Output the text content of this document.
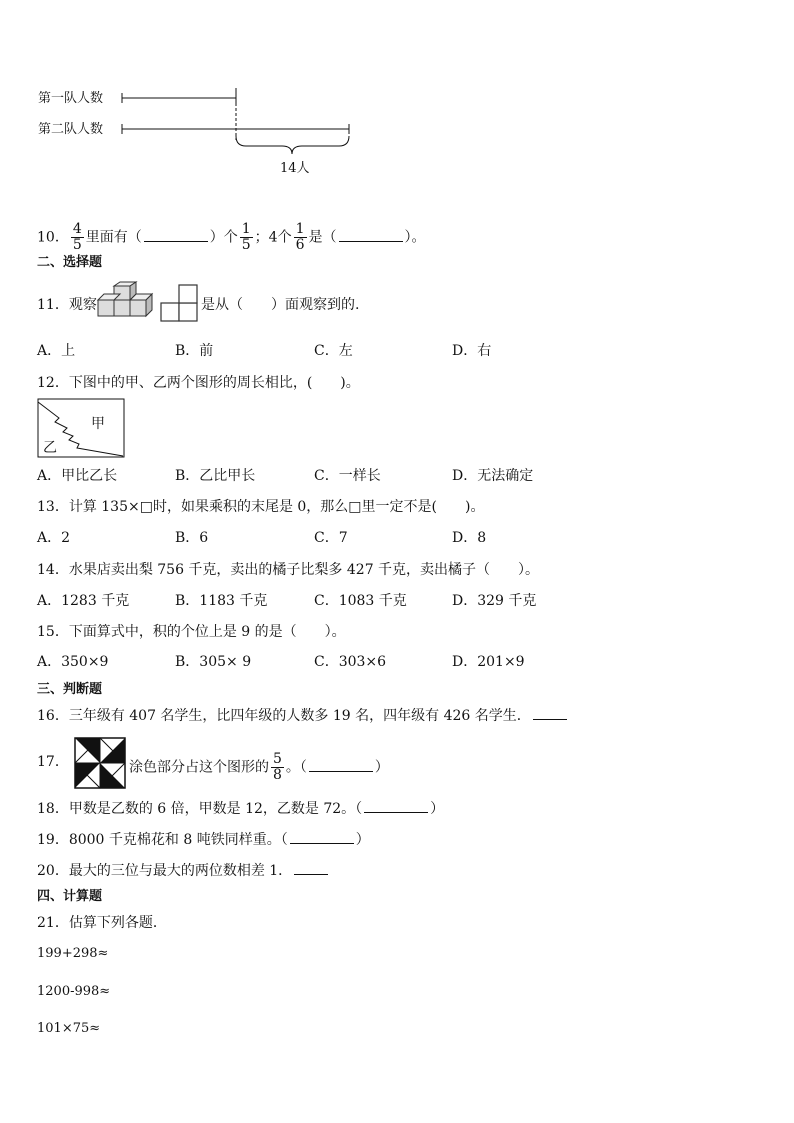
第一队人数
第二队人数
14人
10． $\frac{4}{5}$ 里面有（	）个 $\frac{1}{5}$ ；4个 $\frac{1}{6}$ 是（	）。
二、选择题
11．观察	是从（　　）面观察到的.
A．上	B．前	C．左	D．右
12．下图中的甲、乙两个图形的周长相比，(　　)。
甲
乙
A．甲比乙长	B．乙比甲长	C．一样长	D．无法确定
13．计算 135×□时，如果乘积的末尾是 0，那么□里一定不是(　　)。
A．2	B．6	C．7	D．8
14．水果店卖出梨 756 千克，卖出的橘子比梨多 427 千克，卖出橘子（　　）。
A．1283 千克	B．1183 千克	C．1083 千克	D．329 千克
15．下面算式中，积的个位上是 9 的是（　　）。
A．350×9	B．305× 9	C．303×6	D．201×9
三、判断题
16．三年级有 407 名学生，比四年级的人数多 19 名，四年级有 426 名学生．
17．	涂色部分占这个图形的 $\frac{5}{8}$ 。（	）
18．甲数是乙数的 6 倍，甲数是 12，乙数是 72。（	）
19．8000 千克棉花和 8 吨铁同样重。（	）
20．最大的三位与最大的两位数相差 1．
四、计算题
21．估算下列各题．
199+298≈
1200-998≈
101×75≈
